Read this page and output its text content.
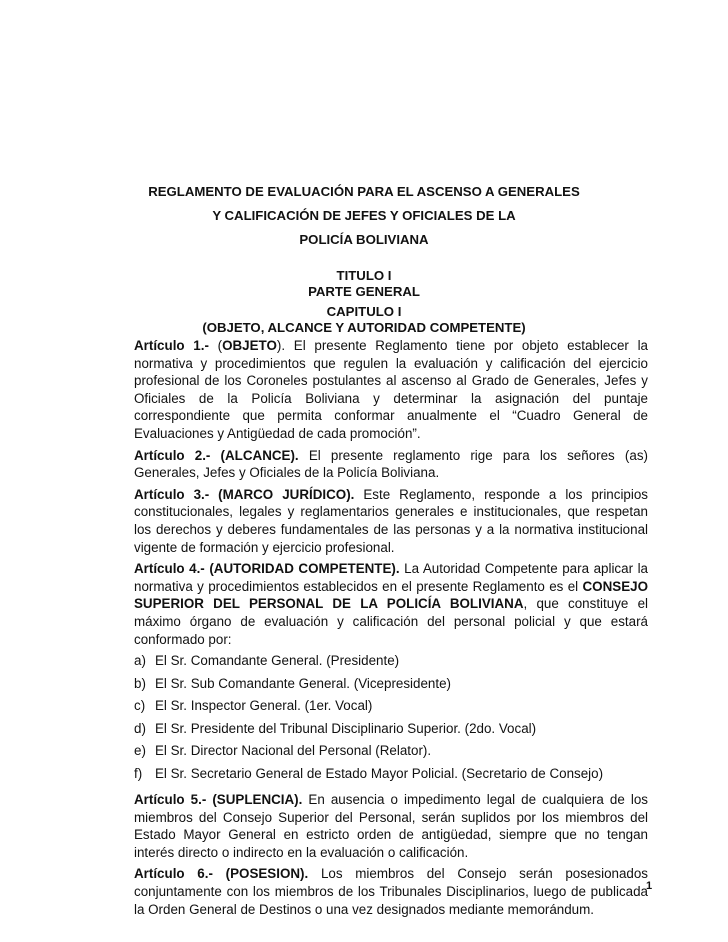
REGLAMENTO DE EVALUACIÓN PARA EL ASCENSO A GENERALES
Y CALIFICACIÓN DE JEFES Y OFICIALES DE LA
POLICÍA BOLIVIANA
TITULO I
PARTE GENERAL
CAPITULO I
(OBJETO, ALCANCE Y AUTORIDAD COMPETENTE)

Artículo 1.- (OBJETO). El presente Reglamento tiene por objeto establecer la normativa y procedimientos que regulen la evaluación y calificación del ejercicio profesional de los Coroneles postulantes al ascenso al Grado de Generales, Jefes y Oficiales de la Policía Boliviana y determinar la asignación del puntaje correspondiente que permita conformar anualmente el “Cuadro General de Evaluaciones y Antigüedad de cada promoción”.

Artículo 2.- (ALCANCE). El presente reglamento rige para los señores (as) Generales, Jefes y Oficiales de la Policía Boliviana.

Artículo 3.- (MARCO JURÍDICO). Este Reglamento, responde a los principios constitucionales, legales y reglamentarios generales e institucionales, que respetan los derechos y deberes fundamentales de las personas y a la normativa institucional vigente de formación y ejercicio profesional.

Artículo 4.- (AUTORIDAD COMPETENTE). La Autoridad Competente para aplicar la normativa y procedimientos establecidos en el presente Reglamento es el CONSEJO SUPERIOR DEL PERSONAL DE LA POLICÍA BOLIVIANA, que constituye el máximo órgano de evaluación y calificación del personal policial y que estará conformado por:

a) El Sr. Comandante General. (Presidente)
b) El Sr. Sub Comandante General. (Vicepresidente)
c) El Sr. Inspector General. (1er. Vocal)
d) El Sr. Presidente del Tribunal Disciplinario Superior. (2do. Vocal)
e) El Sr. Director Nacional del Personal (Relator).
f) El Sr. Secretario General de Estado Mayor Policial. (Secretario de Consejo)

Artículo 5.- (SUPLENCIA). En ausencia o impedimento legal de cualquiera de los miembros del Consejo Superior del Personal, serán suplidos por los miembros del Estado Mayor General en estricto orden de antigüedad, siempre que no tengan interés directo o indirecto en la evaluación o calificación.

Artículo 6.- (POSESION). Los miembros del Consejo serán posesionados conjuntamente con los miembros de los Tribunales Disciplinarios, luego de publicada la Orden General de Destinos o una vez designados mediante memorándum.

1
